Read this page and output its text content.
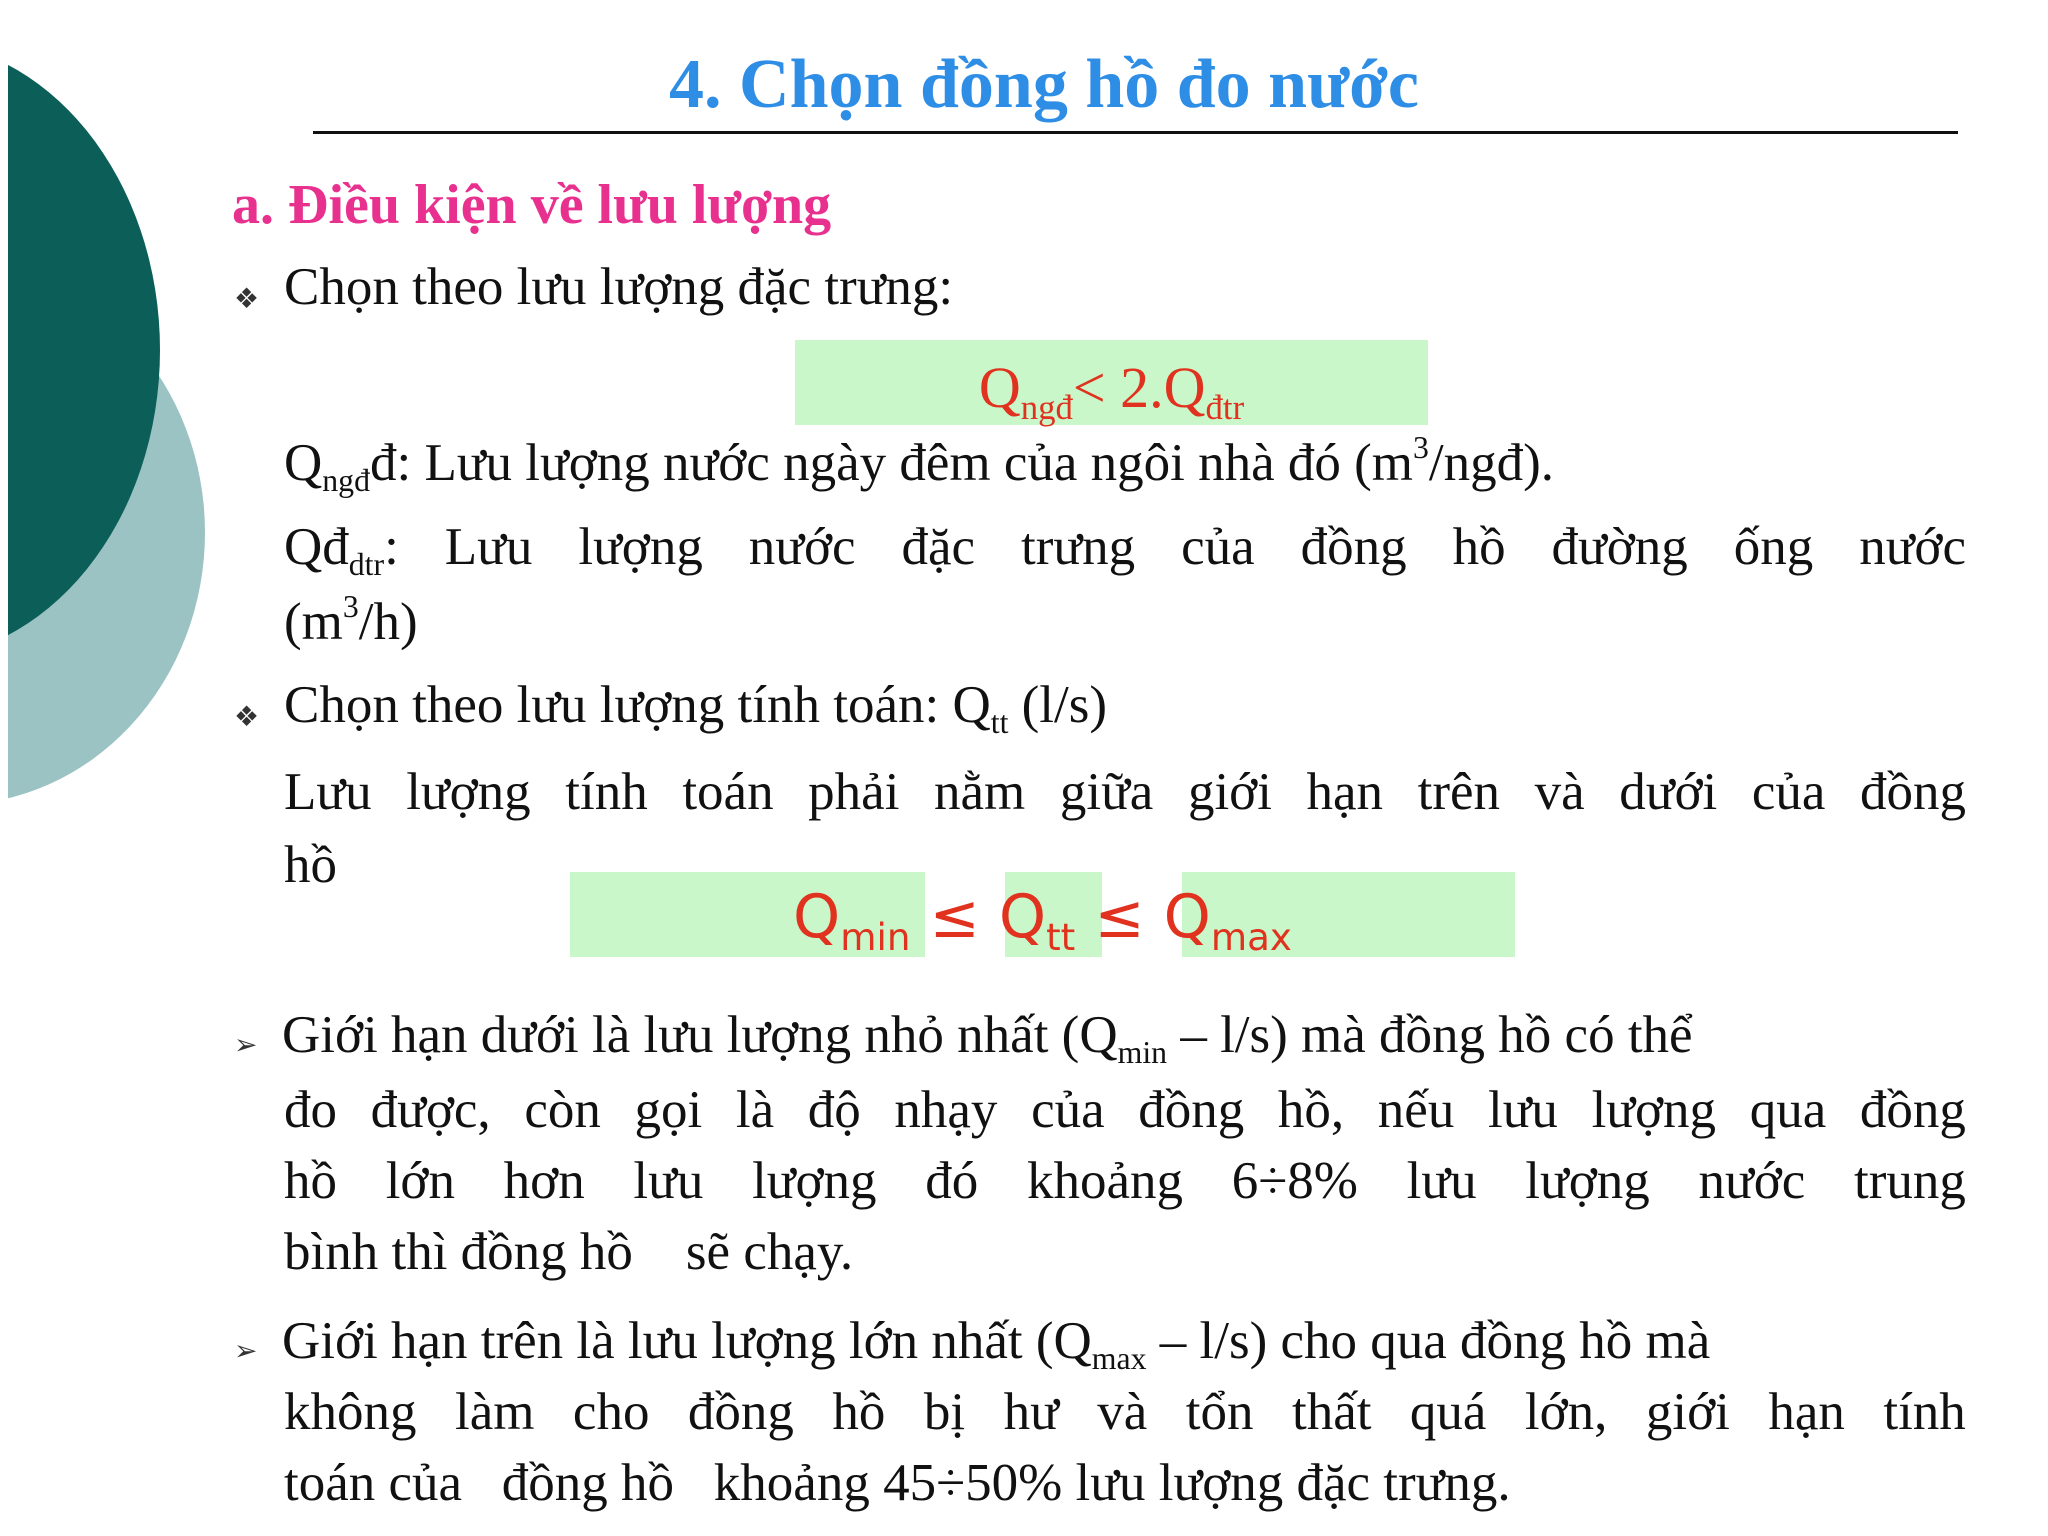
4. Chọn đồng hồ đo nước
a. Điều kiện về lưu lượng
❖ Chọn theo lưu lượng đặc trưng:
$Q_{ngđ}< 2.Q_{đtr}$
$Q_{ngđ}đ$: Lưu lượng nước ngày đêm của ngôi nhà đó $(m^3/ngđ)$.
$Qđ_{dtr}$: Lưu lượng nước đặc trưng của đồng hồ đường ống nước
$(m^3/h)$
❖ Chọn theo lưu lượng tính toán: $Q_{tt}$ (l/s)
Lưu lượng tính toán phải nằm giữa giới hạn trên và dưới của đồng
hồ
$Q_{min} \le Q_{tt} \le Q_{max}$
➢ Giới hạn dưới là lưu lượng nhỏ nhất $(Q_{min} - l/s)$ mà đồng hồ có thể
đo được, còn gọi là độ nhạy của đồng hồ, nếu lưu lượng qua đồng
hồ lớn hơn lưu lượng đó khoảng 6÷8% lưu lượng nước trung
bình thì đồng hồ    sẽ chạy.
➢ Giới hạn trên là lưu lượng lớn nhất $(Q_{max} - l/s)$ cho qua đồng hồ mà
không làm cho đồng hồ bị hư và tổn thất quá lớn, giới hạn tính
toán của   đồng hồ   khoảng 45÷50% lưu lượng đặc trưng.
